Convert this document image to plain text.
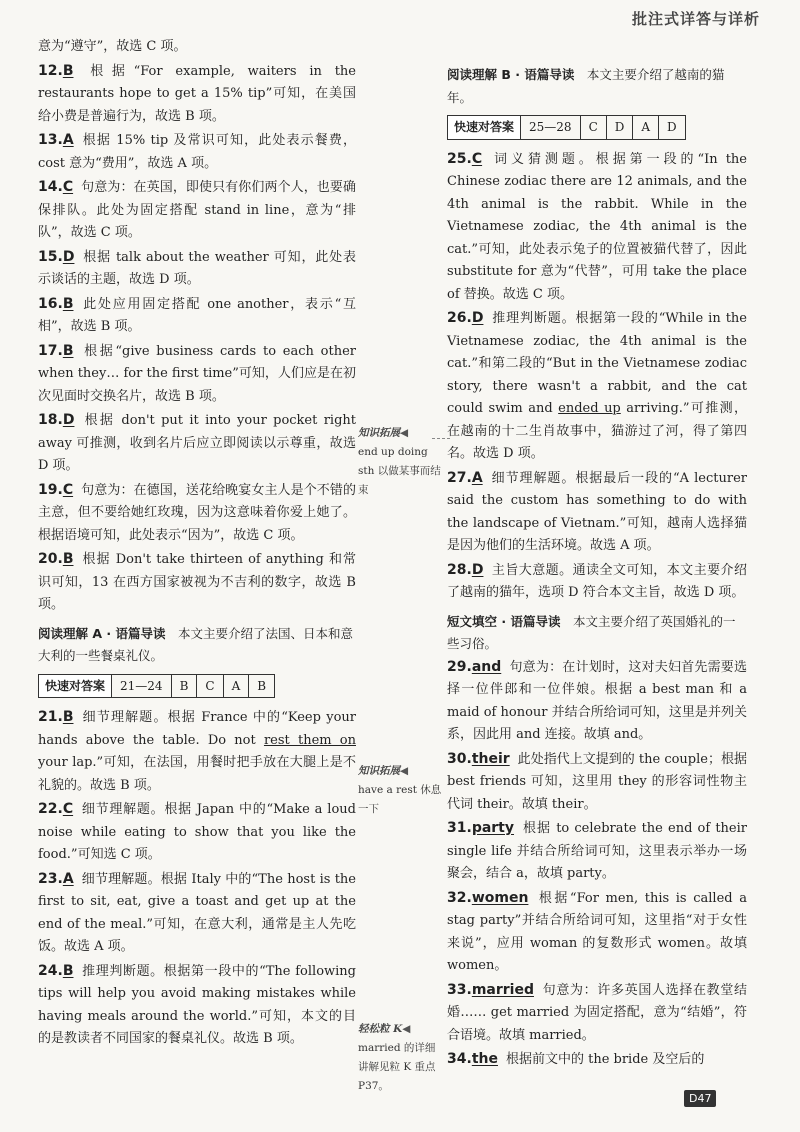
批注式详答与详析
意为“遵守”，故选 C 项。
12.B 根据“For example, waiters in the restaurants hope to get a 15% tip”可知，在美国给小费是普遍行为，故选 B 项。
13.A 根据 15% tip 及常识可知，此处表示餐费，cost 意为“费用”，故选 A 项。
14.C 句意为：在英国，即使只有你们两个人，也要确保排队。此处为固定搭配 stand in line，意为“排队”，故选 C 项。
15.D 根据 talk about the weather 可知，此处表示谈话的主题，故选 D 项。
16.B 此处应用固定搭配 one another，表示“互相”，故选 B 项。
17.B 根据“give business cards to each other when they… for the first time”可知，人们应是在初次见面时交换名片，故选 B 项。
18.D 根据 don't put it into your pocket right away 可推测，收到名片后应立即阅读以示尊重，故选 D 项。
19.C 句意为：在德国，送花给晚宴女主人是个不错的主意，但不要给她红玫瑰，因为这意味着你爱上她了。根据语境可知，此处表示“因为”，故选 C 项。
20.B 根据 Don't take thirteen of anything 和常识可知，13 在西方国家被视为不吉利的数字，故选 B 项。
阅读理解 A · 语篇导读　 本文主要介绍了法国、日本和意大利的一些餐桌礼仪。
快速对答案	21—24	B	C	A	B
21.B 细节理解题。根据 France 中的“Keep your hands above the table. Do not rest them on your lap.”可知，在法国，用餐时把手放在大腿上是不礼貌的。故选 B 项。
22.C 细节理解题。根据 Japan 中的“Make a loud noise while eating to show that you like the food.”可知选 C 项。
23.A 细节理解题。根据 Italy 中的“The host is the first to sit, eat, give a toast and get up at the end of the meal.”可知，在意大利，通常是主人先吃饭。故选 A 项。
24.B 推理判断题。根据第一段中的“The following tips will help you avoid making mistakes while having meals around the world.”可知，本文的目的是教读者不同国家的餐桌礼仪。故选 B 项。
知识拓展◀
end up doing sth 以做某事而结束
知识拓展◀
have a rest 休息一下
轻松粒 K◀
married 的详细讲解见粒 K 重点 P37。
阅读理解 B · 语篇导读　 本文主要介绍了越南的猫年。
快速对答案	25—28	C	D	A	D
25.C 词义猜测题。根据第一段的“In the Chinese zodiac there are 12 animals, and the 4th animal is the rabbit. While in the Vietnamese zodiac, the 4th animal is the cat.”可知，此处表示兔子的位置被猫代替了，因此 substitute for 意为“代替”，可用 take the place of 替换。故选 C 项。
26.D 推理判断题。根据第一段的“While in the Vietnamese zodiac, the 4th animal is the cat.”和第二段的“But in the Vietnamese zodiac story, there wasn't a rabbit, and the cat could swim and ended up arriving.”可推测，在越南的十二生肖故事中，猫游过了河，得了第四名。故选 D 项。
27.A 细节理解题。根据最后一段的“A lecturer said the custom has something to do with the landscape of Vietnam.”可知，越南人选择猫是因为他们的生活环境。故选 A 项。
28.D 主旨大意题。通读全文可知，本文主要介绍了越南的猫年，选项 D 符合本文主旨，故选 D 项。
短文填空 · 语篇导读　 本文主要介绍了英国婚礼的一些习俗。
29.and 句意为：在计划时，这对夫妇首先需要选择一位伴郎和一位伴娘。根据 a best man 和 a maid of honour 并结合所给词可知，这里是并列关系，因此用 and 连接。故填 and。
30.their 此处指代上文提到的 the couple；根据 best friends 可知，这里用 they 的形容词性物主代词 their。故填 their。
31.party 根据 to celebrate the end of their single life 并结合所给词可知，这里表示举办一场聚会，结合 a，故填 party。
32.women 根据“For men, this is called a stag party”并结合所给词可知，这里指“对于女性来说”，应用 woman 的复数形式 women。故填 women。
33.married 句意为：许多英国人选择在教堂结婚…… get married 为固定搭配，意为“结婚”，符合语境。故填 married。
34.the 根据前文中的 the bride 及空后的
D47
